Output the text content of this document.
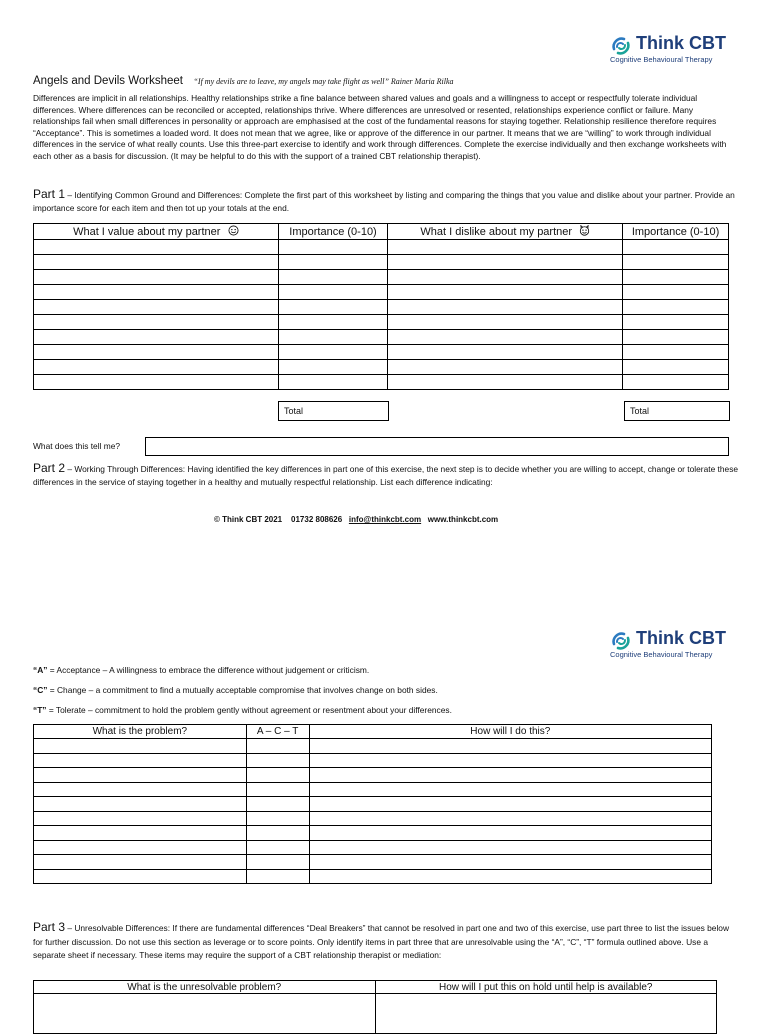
Think CBT
Cognitive Behavioural Therapy
Angels and Devils Worksheet “If my devils are to leave, my angels may take flight as well” Rainer Maria Rilka
Differences are implicit in all relationships. Healthy relationships strike a fine balance between shared values and goals and a willingness to accept or respectfully tolerate individual differences. Where differences can be reconciled or accepted, relationships thrive. Where differences are unresolved or resented, relationships experience conflict or failure. Many relationships fail when small differences in personality or approach are emphasised at the cost of the fundamental reasons for staying together. Relationship resilience therefore requires “Acceptance”. This is sometimes a loaded word. It does not mean that we agree, like or approve of the difference in our partner. It means that we are “willing” to work through individual differences in the service of what really counts. Use this three-part exercise to identify and work through differences. Complete the exercise individually and then exchange worksheets with each other as a basis for discussion. (It may be helpful to do this with the support of a trained CBT relationship therapist).
Part 1 – Identifying Common Ground and Differences: Complete the first part of this worksheet by listing and comparing the things that you value and dislike about your partner. Provide an importance score for each item and then tot up your totals at the end.
What I value about my partner	Importance (0-10)	What I dislike about my partner	Importance (0-10)

Total	Total
What does this tell me?
Part 2 – Working Through Differences: Having identified the key differences in part one of this exercise, the next step is to decide whether you are willing to accept, change or tolerate these differences in the service of staying together in a healthy and mutually respectful relationship. List each difference indicating:
© Think CBT 2021 01732 808626 info@thinkcbt.com www.thinkcbt.com
Think CBT
Cognitive Behavioural Therapy
“A” = Acceptance – A willingness to embrace the difference without judgement or criticism.
“C” = Change – a commitment to find a mutually acceptable compromise that involves change on both sides.
“T” = Tolerate – commitment to hold the problem gently without agreement or resentment about your differences.
What is the problem?	A – C – T	How will I do this?

Part 3 – Unresolvable Differences: If there are fundamental differences “Deal Breakers” that cannot be resolved in part one and two of this exercise, use part three to list the issues below for further discussion. Do not use this section as leverage or to score points. Only identify items in part three that are unresolvable using the “A”, “C”, “T” formula outlined above. Use a separate sheet if necessary. These items may require the support of a CBT relationship therapist or mediation:
What is the unresolvable problem?	How will I put this on hold until help is available?
